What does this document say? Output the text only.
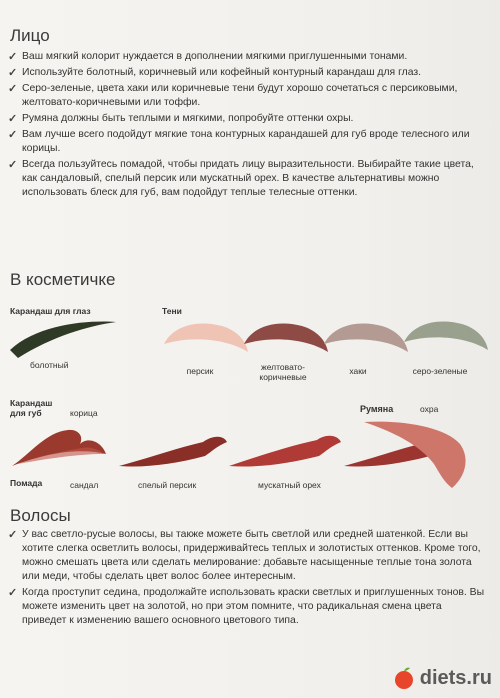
Лицо
✓ Ваш мягкий колорит нуждается в дополнении мягкими приглушенными тонами.
✓ Используйте болотный, коричневый или кофейный контурный карандаш для глаз.
✓ Серо-зеленые, цвета хаки или коричневые тени будут хорошо сочетаться с персиковыми, желтовато-коричневыми или тоффи.
✓ Румяна должны быть теплыми и мягкими, попробуйте оттенки охры.
✓ Вам лучше всего подойдут мягкие тона контурных карандашей для губ вроде телесного или корицы.
✓ Всегда пользуйтесь помадой, чтобы придать лицу выразительности. Выбирайте такие цвета, как сандаловый, спелый персик или мускатный орех. В качестве альтернативы можно использовать блеск для губ, вам подойдут теплые телесные оттенки.
В косметичке
Карандаш для глаз
болотный
Тени
персик	желтовато-коричневые
хаки	серо-зеленые
Карандаш для губ	корица
Помада	сандал	спелый персик	мускатный орех
Румяна	охра
Волосы
✓ У вас светло-русые волосы, вы также можете быть светлой или средней шатенкой. Если вы хотите слегка осветлить волосы, придерживайтесь теплых и золотистых оттенков. Кроме того, можно смешать цвета или сделать мелирование: добавьте насыщенные теплые тона золота или меди, чтобы сделать цвет волос более интересным.
✓ Когда проступит седина, продолжайте использовать краски светлых и приглушенных тонов. Вы можете изменить цвет на золотой, но при этом помните, что радикальная смена цвета приведет к изменению вашего основного цветового типа.
diets.ru
